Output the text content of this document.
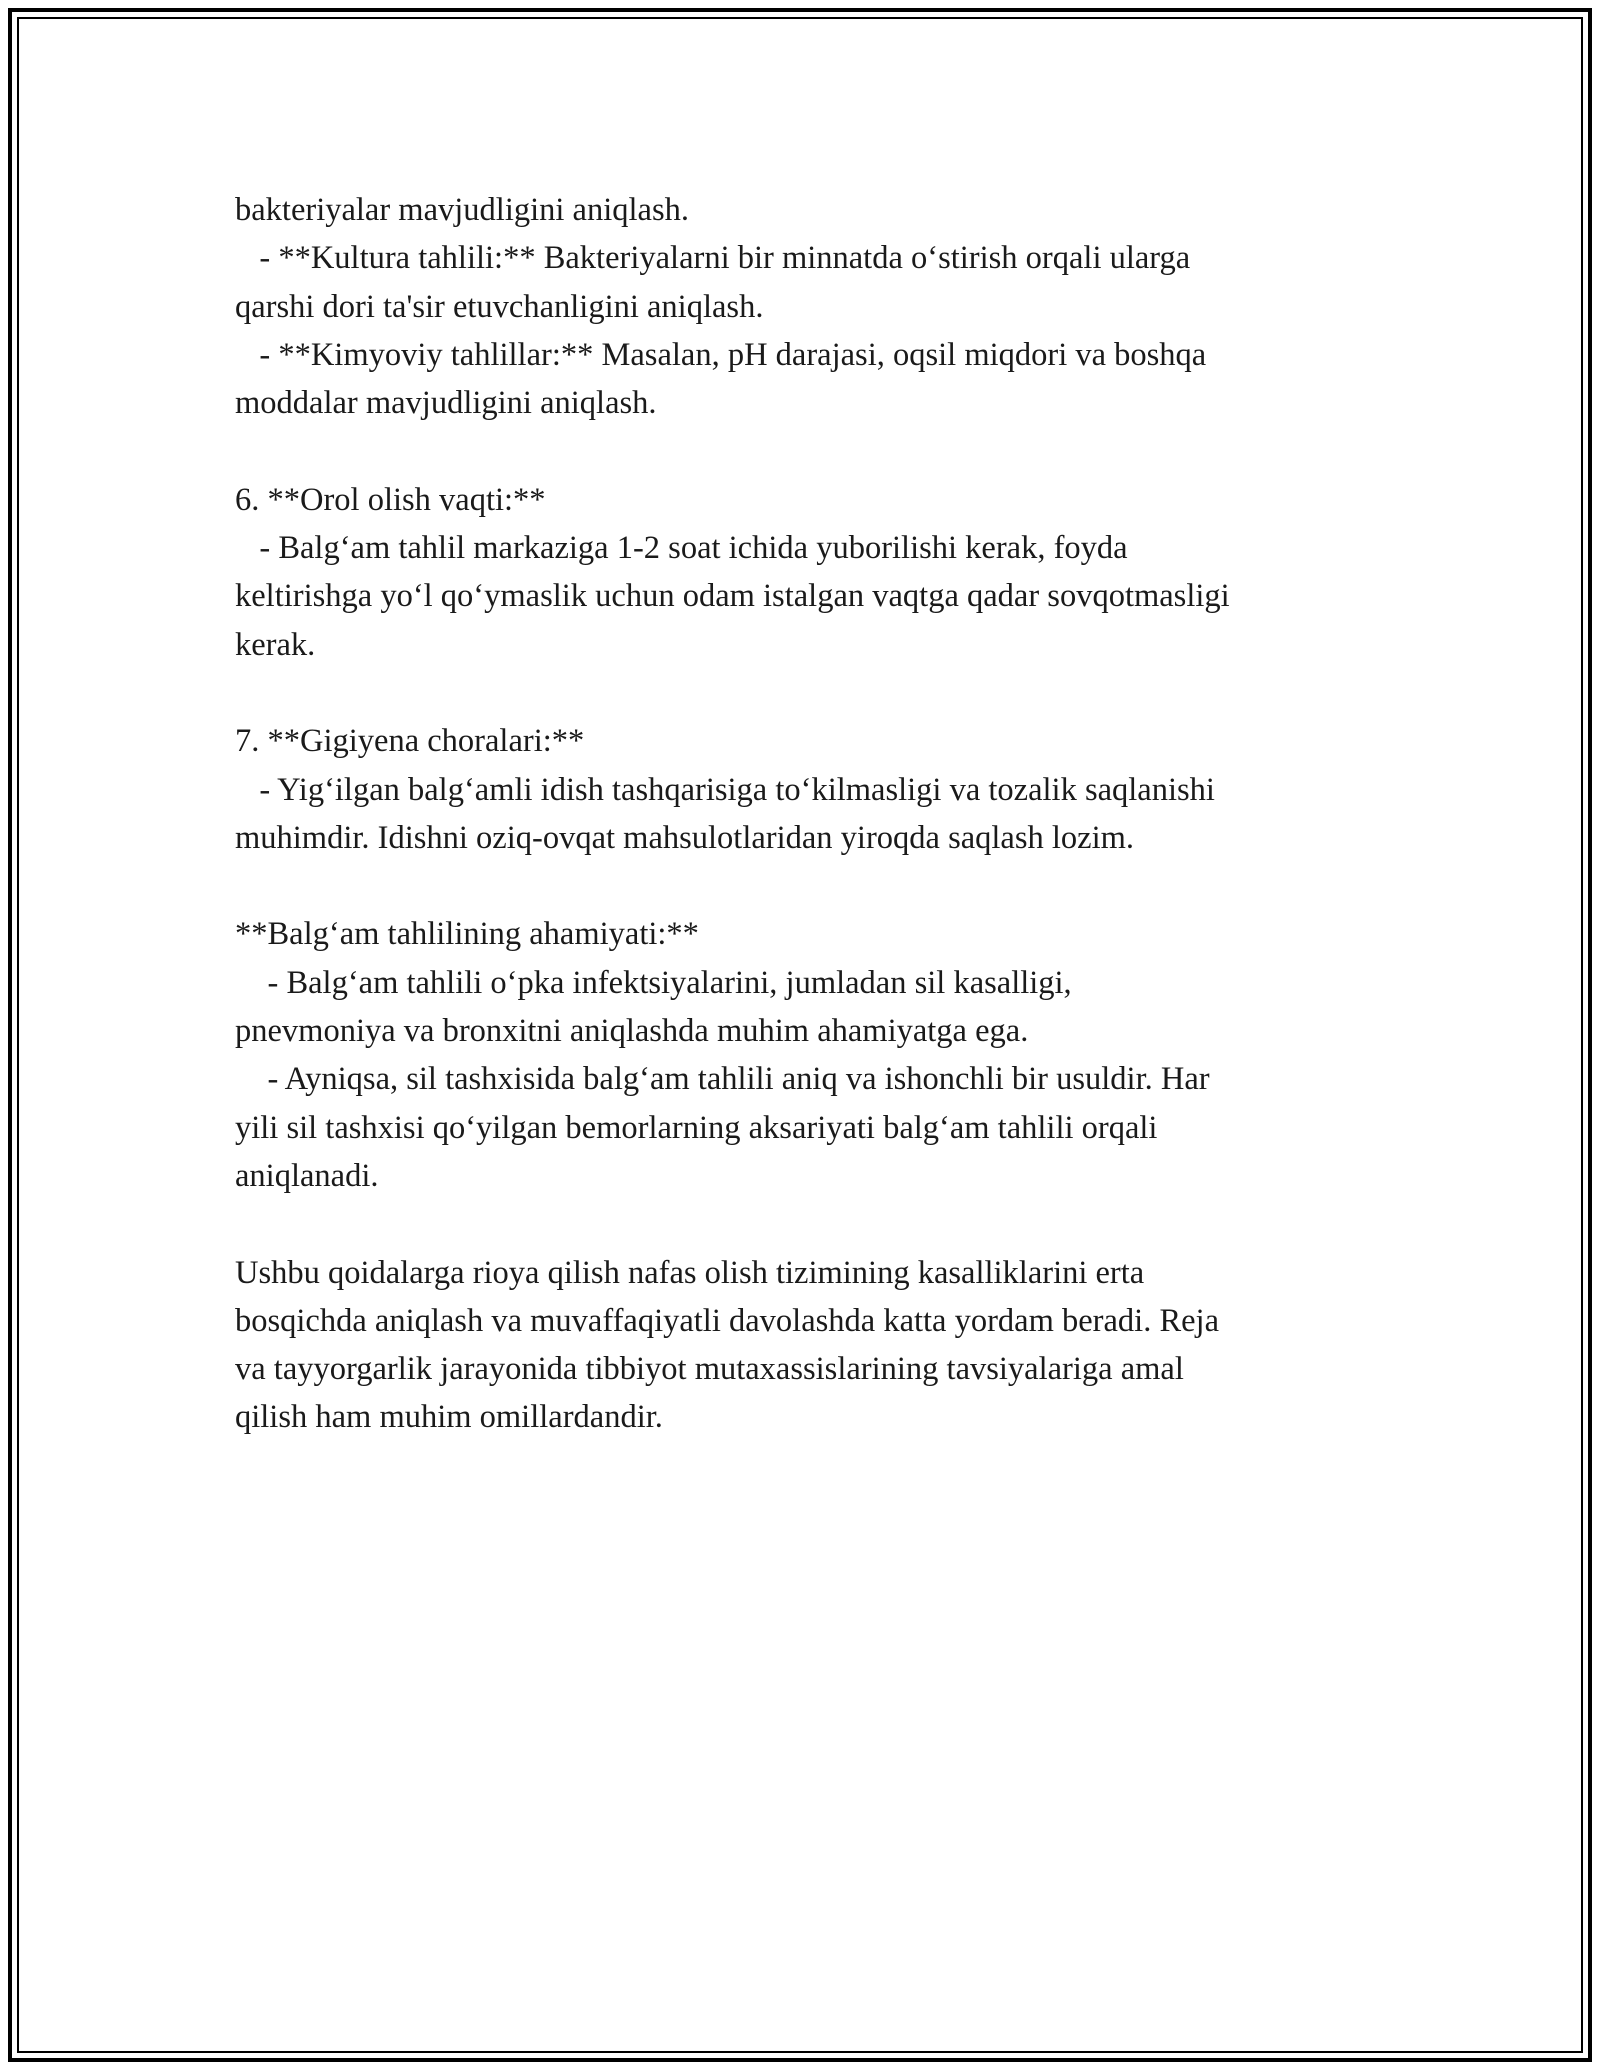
bakteriyalar mavjudligini aniqlash.
- **Kultura tahlili:** Bakteriyalarni bir minnatda o‘stirish orqali ularga
qarshi dori ta'sir etuvchanligini aniqlash.
- **Kimyoviy tahlillar:** Masalan, pH darajasi, oqsil miqdori va boshqa
moddalar mavjudligini aniqlash.
6. **Orol olish vaqti:**
- Balg‘am tahlil markaziga 1-2 soat ichida yuborilishi kerak, foyda
keltirishga yo‘l qo‘ymaslik uchun odam istalgan vaqtga qadar sovqotmasligi
kerak.
7. **Gigiyena choralari:**
- Yig‘ilgan balg‘amli idish tashqarisiga to‘kilmasligi va tozalik saqlanishi
muhimdir. Idishni oziq-ovqat mahsulotlaridan yiroqda saqlash lozim.
**Balg‘am tahlilining ahamiyati:**
- Balg‘am tahlili o‘pka infektsiyalarini, jumladan sil kasalligi,
pnevmoniya va bronxitni aniqlashda muhim ahamiyatga ega.
- Ayniqsa, sil tashxisida balg‘am tahlili aniq va ishonchli bir usuldir. Har
yili sil tashxisi qo‘yilgan bemorlarning aksariyati balg‘am tahlili orqali
aniqlanadi.
Ushbu qoidalarga rioya qilish nafas olish tizimining kasalliklarini erta
bosqichda aniqlash va muvaffaqiyatli davolashda katta yordam beradi. Reja
va tayyorgarlik jarayonida tibbiyot mutaxassislarining tavsiyalariga amal
qilish ham muhim omillardandir.
